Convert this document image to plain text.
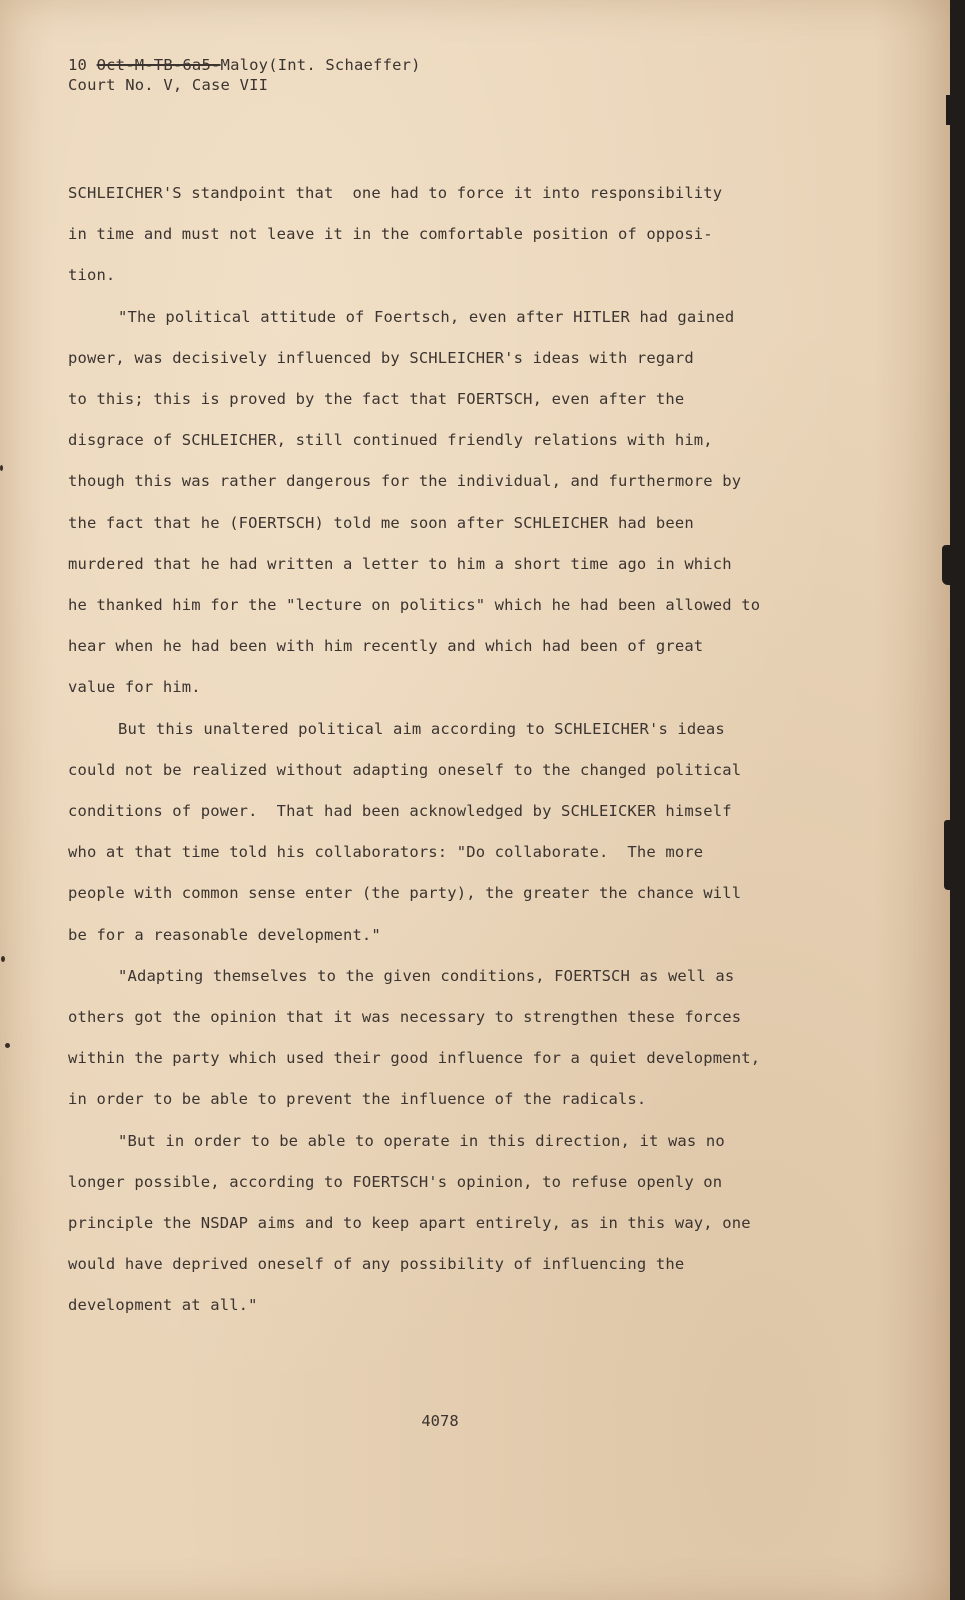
10 Oct-M-TB-6a5-Maloy(Int. Schaeffer)
Court No. V, Case VII
SCHLEICHER'S standpoint that  one had to force it into responsibility
in time and must not leave it in the comfortable position of opposi-
tion.
"The political attitude of Foertsch, even after HITLER had gained
power, was decisively influenced by SCHLEICHER's ideas with regard
to this; this is proved by the fact that FOERTSCH, even after the
disgrace of SCHLEICHER, still continued friendly relations with him,
though this was rather dangerous for the individual, and furthermore by
the fact that he (FOERTSCH) told me soon after SCHLEICHER had been
murdered that he had written a letter to him a short time ago in which
he thanked him for the "lecture on politics" which he had been allowed to
hear when he had been with him recently and which had been of great
value for him.
But this unaltered political aim according to SCHLEICHER's ideas
could not be realized without adapting oneself to the changed political
conditions of power.  That had been acknowledged by SCHLEICKER himself
who at that time told his collaborators: "Do collaborate.  The more
people with common sense enter (the party), the greater the chance will
be for a reasonable development."
"Adapting themselves to the given conditions, FOERTSCH as well as
others got the opinion that it was necessary to strengthen these forces
within the party which used their good influence for a quiet development,
in order to be able to prevent the influence of the radicals.
"But in order to be able to operate in this direction, it was no
longer possible, according to FOERTSCH's opinion, to refuse openly on
principle the NSDAP aims and to keep apart entirely, as in this way, one
would have deprived oneself of any possibility of influencing the
development at all."
4078
